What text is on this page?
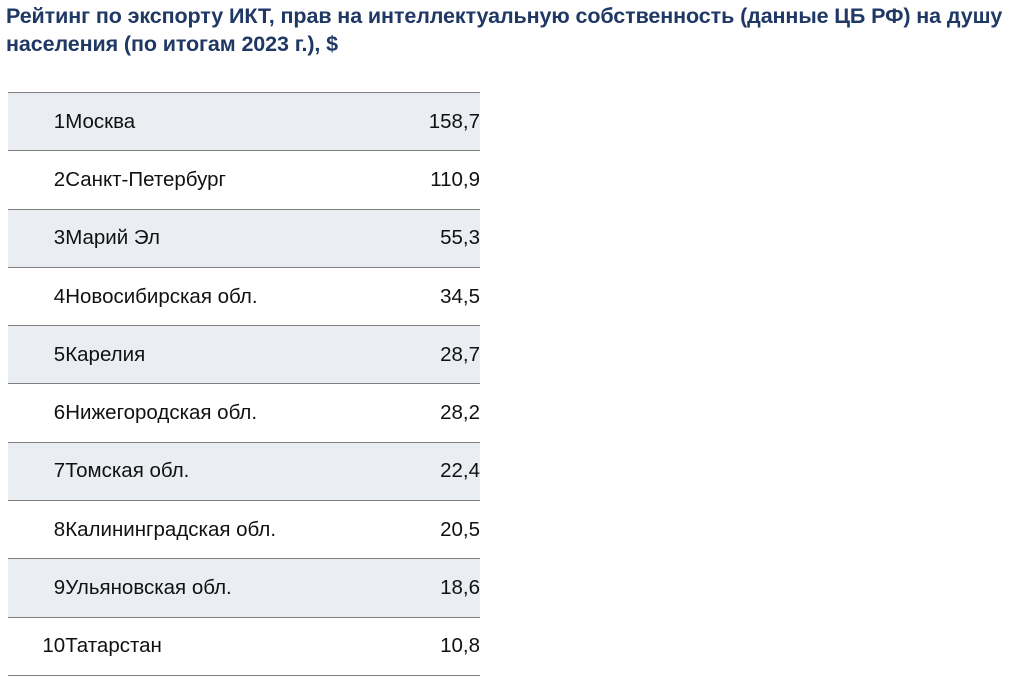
Рейтинг по экспорту ИКТ, прав на интеллектуальную собственность (данные ЦБ РФ) на душу населения (по итогам 2023 г.), $
1	Москва	158,7
2	Санкт-Петербург	110,9
3	Марий Эл	55,3
4	Новосибирская обл.	34,5
5	Карелия	28,7
6	Нижегородская обл.	28,2
7	Томская обл.	22,4
8	Калининградская обл.	20,5
9	Ульяновская обл.	18,6
10	Татарстан	10,8
